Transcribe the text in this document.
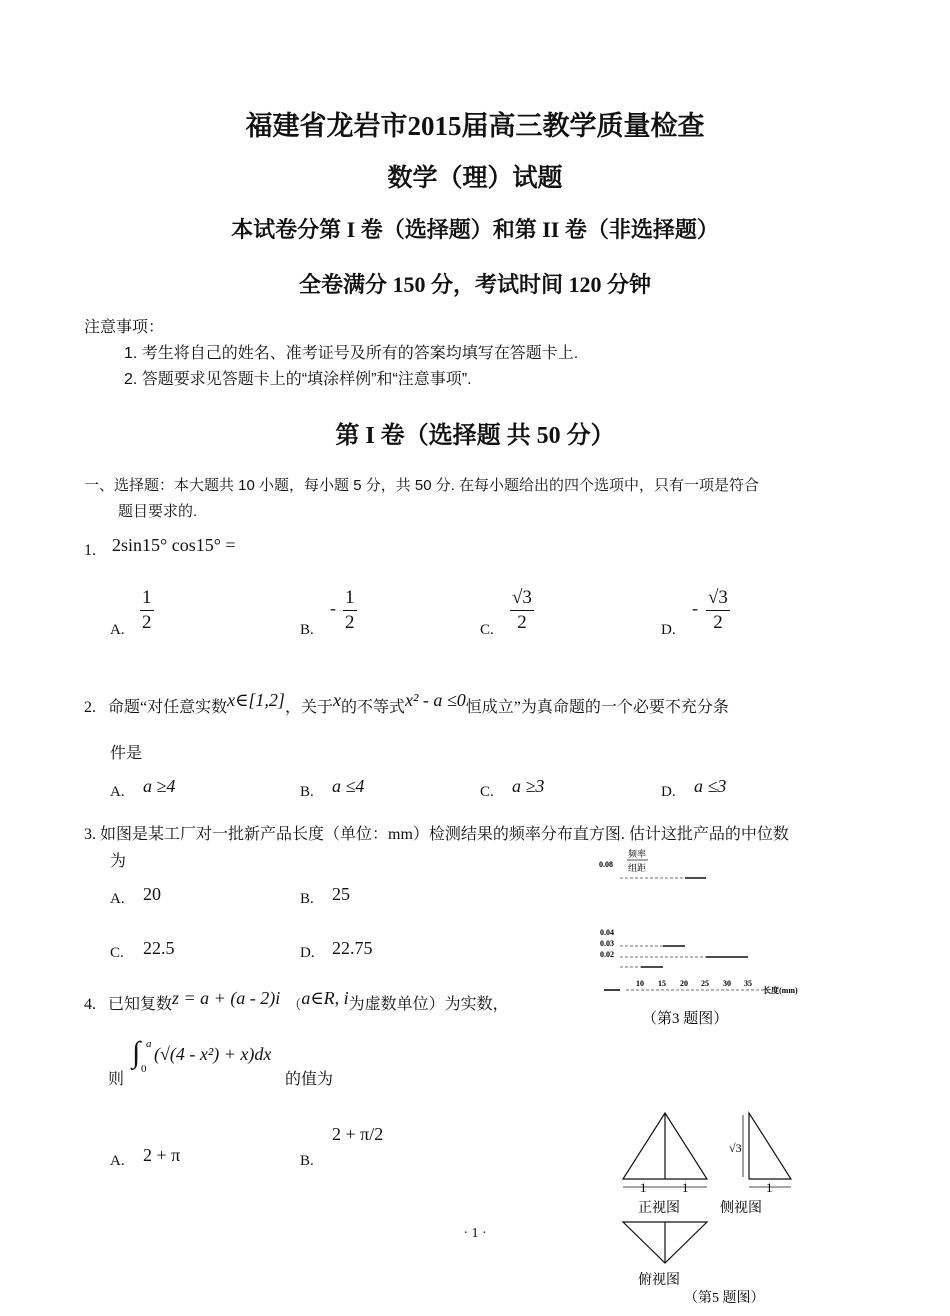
福建省龙岩市2015届高三教学质量检查
数学（理）试题
本试卷分第 I 卷（选择题）和第 II 卷（非选择题）
全卷满分 150 分，考试时间 120 分钟
注意事项：
1. 考生将自己的姓名、准考证号及所有的答案均填写在答题卡上.
2. 答题要求见答题卡上的“填涂样例”和“注意事项”.
第 I 卷（选择题 共 50 分）
一、选择题：本大题共 10 小题，每小题 5 分，共 50 分. 在每小题给出的四个选项中，只有一项是符合
题目要求的.
1. 2sin15° cos15° =
A. $\frac{1}{2}$	B.
- $\frac{1}{2}$	C. $\frac{√3}{2}$	D.
- $\frac{√3}{2}$
2. 命题“对任意实数x∈[1,2]，关于x的不等式x² - a ≤0恒成立”为真命题的一个必要不充分条
件是
A. a ≥4	B. a ≤4	C. a ≥3	D. a ≤3
3. 如图是某工厂对一批新产品长度（单位：mm）检测结果的频率分布直方图. 估计这批产品的中位数
为
A. 20	B. 25
C. 22.5	D. 22.75
频率
组距
0.08
0.04
0.03
0.02
10 15 20 25 30 35
长度(mm)
（第3 题图）
4. 已知复数z = a + (a - 2)i （a∈R, i为虚数单位）为实数，
则
∫ a
0
(√(4 - x²) + x)dx
的值为
A. 2 + π	B.
2 + π/2
1	1
正视图
√3
1
侧视图
俯视图
（第5 题图）
· 1 ·
